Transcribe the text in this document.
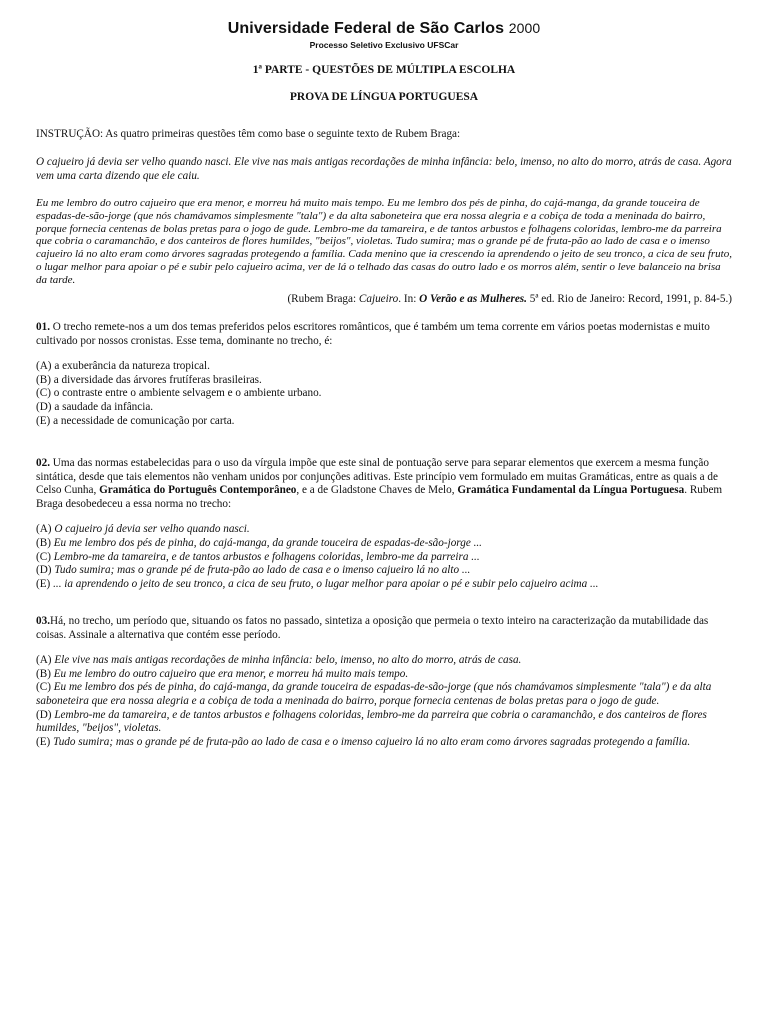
Universidade Federal de São Carlos 2000
Processo Seletivo Exclusivo UFSCar
1ª PARTE - QUESTÕES DE MÚLTIPLA ESCOLHA
PROVA DE LÍNGUA PORTUGUESA
INSTRUÇÃO: As quatro primeiras questões têm como base o seguinte texto de Rubem Braga:
O cajueiro já devia ser velho quando nasci. Ele vive nas mais antigas recordações de minha infância: belo, imenso, no alto do morro, atrás de casa. Agora vem uma carta dizendo que ele caiu.
Eu me lembro do outro cajueiro que era menor, e morreu há muito mais tempo. Eu me lembro dos pés de pinha, do cajá-manga, da grande touceira de espadas-de-são-jorge (que nós chamávamos simplesmente "tala") e da alta saboneteira que era nossa alegria e a cobiça de toda a meninada do bairro, porque fornecia centenas de bolas pretas para o jogo de gude. Lembro-me da tamareira, e de tantos arbustos e folhagens coloridas, lembro-me da parreira que cobria o caramanchão, e dos canteiros de flores humildes, "beijos", violetas. Tudo sumira; mas o grande pé de fruta-pão ao lado de casa e o imenso cajueiro lá no alto eram como árvores sagradas protegendo a família. Cada menino que ia crescendo ia aprendendo o jeito de seu tronco, a cica de seu fruto, o lugar melhor para apoiar o pé e subir pelo cajueiro acima, ver de lá o telhado das casas do outro lado e os morros além, sentir o leve balanceio na brisa da tarde.
(Rubem Braga: Cajueiro. In: O Verão e as Mulheres. 5ª ed. Rio de Janeiro: Record, 1991, p. 84-5.)
01. O trecho remete-nos a um dos temas preferidos pelos escritores românticos, que é também um tema corrente em vários poetas modernistas e muito cultivado por nossos cronistas. Esse tema, dominante no trecho, é:
(A) a exuberância da natureza tropical.
(B) a diversidade das árvores frutíferas brasileiras.
(C) o contraste entre o ambiente selvagem e o ambiente urbano.
(D) a saudade da infância.
(E) a necessidade de comunicação por carta.
02. Uma das normas estabelecidas para o uso da vírgula impõe que este sinal de pontuação serve para separar elementos que exercem a mesma função sintática, desde que tais elementos não venham unidos por conjunções aditivas. Este princípio vem formulado em muitas Gramáticas, entre as quais a de Celso Cunha, Gramática do Português Contemporâneo, e a de Gladstone Chaves de Melo, Gramática Fundamental da Língua Portuguesa. Rubem Braga desobedeceu a essa norma no trecho:
(A) O cajueiro já devia ser velho quando nasci.
(B) Eu me lembro dos pés de pinha, do cajá-manga, da grande touceira de espadas-de-são-jorge ...
(C) Lembro-me da tamareira, e de tantos arbustos e folhagens coloridas, lembro-me da parreira ...
(D) Tudo sumira; mas o grande pé de fruta-pão ao lado de casa e o imenso cajueiro lá no alto ...
(E) ... ia aprendendo o jeito de seu tronco, a cica de seu fruto, o lugar melhor para apoiar o pé e subir pelo cajueiro acima ...
03.Há, no trecho, um período que, situando os fatos no passado, sintetiza a oposição que permeia o texto inteiro na caracterização da mutabilidade das coisas. Assinale a alternativa que contém esse período.
(A) Ele vive nas mais antigas recordações de minha infância: belo, imenso, no alto do morro, atrás de casa.
(B) Eu me lembro do outro cajueiro que era menor, e morreu há muito mais tempo.
(C) Eu me lembro dos pés de pinha, do cajá-manga, da grande touceira de espadas-de-são-jorge (que nós chamávamos simplesmente "tala") e da alta saboneteira que era nossa alegria e a cobiça de toda a meninada do bairro, porque fornecia centenas de bolas pretas para o jogo de gude.
(D) Lembro-me da tamareira, e de tantos arbustos e folhagens coloridas, lembro-me da parreira que cobria o caramanchão, e dos canteiros de flores humildes, "beijos", violetas.
(E) Tudo sumira; mas o grande pé de fruta-pão ao lado de casa e o imenso cajueiro lá no alto eram como árvores sagradas protegendo a família.
